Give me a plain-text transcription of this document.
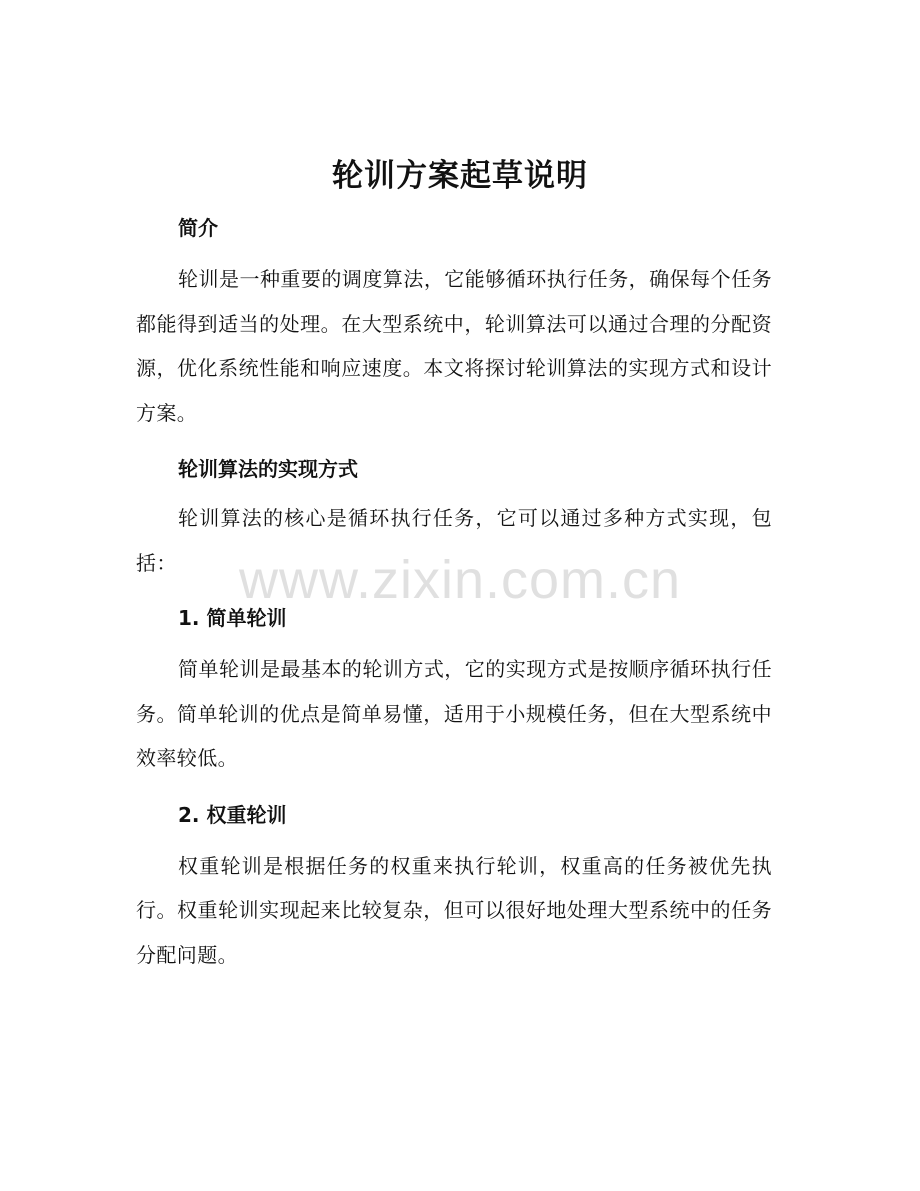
轮训方案起草说明
简介

轮训是一种重要的调度算法，它能够循环执行任务，确保每个任务都能得到适当的处理。在大型系统中，轮训算法可以通过合理的分配资源，优化系统性能和响应速度。本文将探讨轮训算法的实现方式和设计方案。

轮训算法的实现方式

轮训算法的核心是循环执行任务，它可以通过多种方式实现，包括：

1. 简单轮训

简单轮训是最基本的轮训方式，它的实现方式是按顺序循环执行任务。简单轮训的优点是简单易懂，适用于小规模任务，但在大型系统中效率较低。

2. 权重轮训

权重轮训是根据任务的权重来执行轮训，权重高的任务被优先执行。权重轮训实现起来比较复杂，但可以很好地处理大型系统中的任务分配问题。

www.zixin.com.cn
